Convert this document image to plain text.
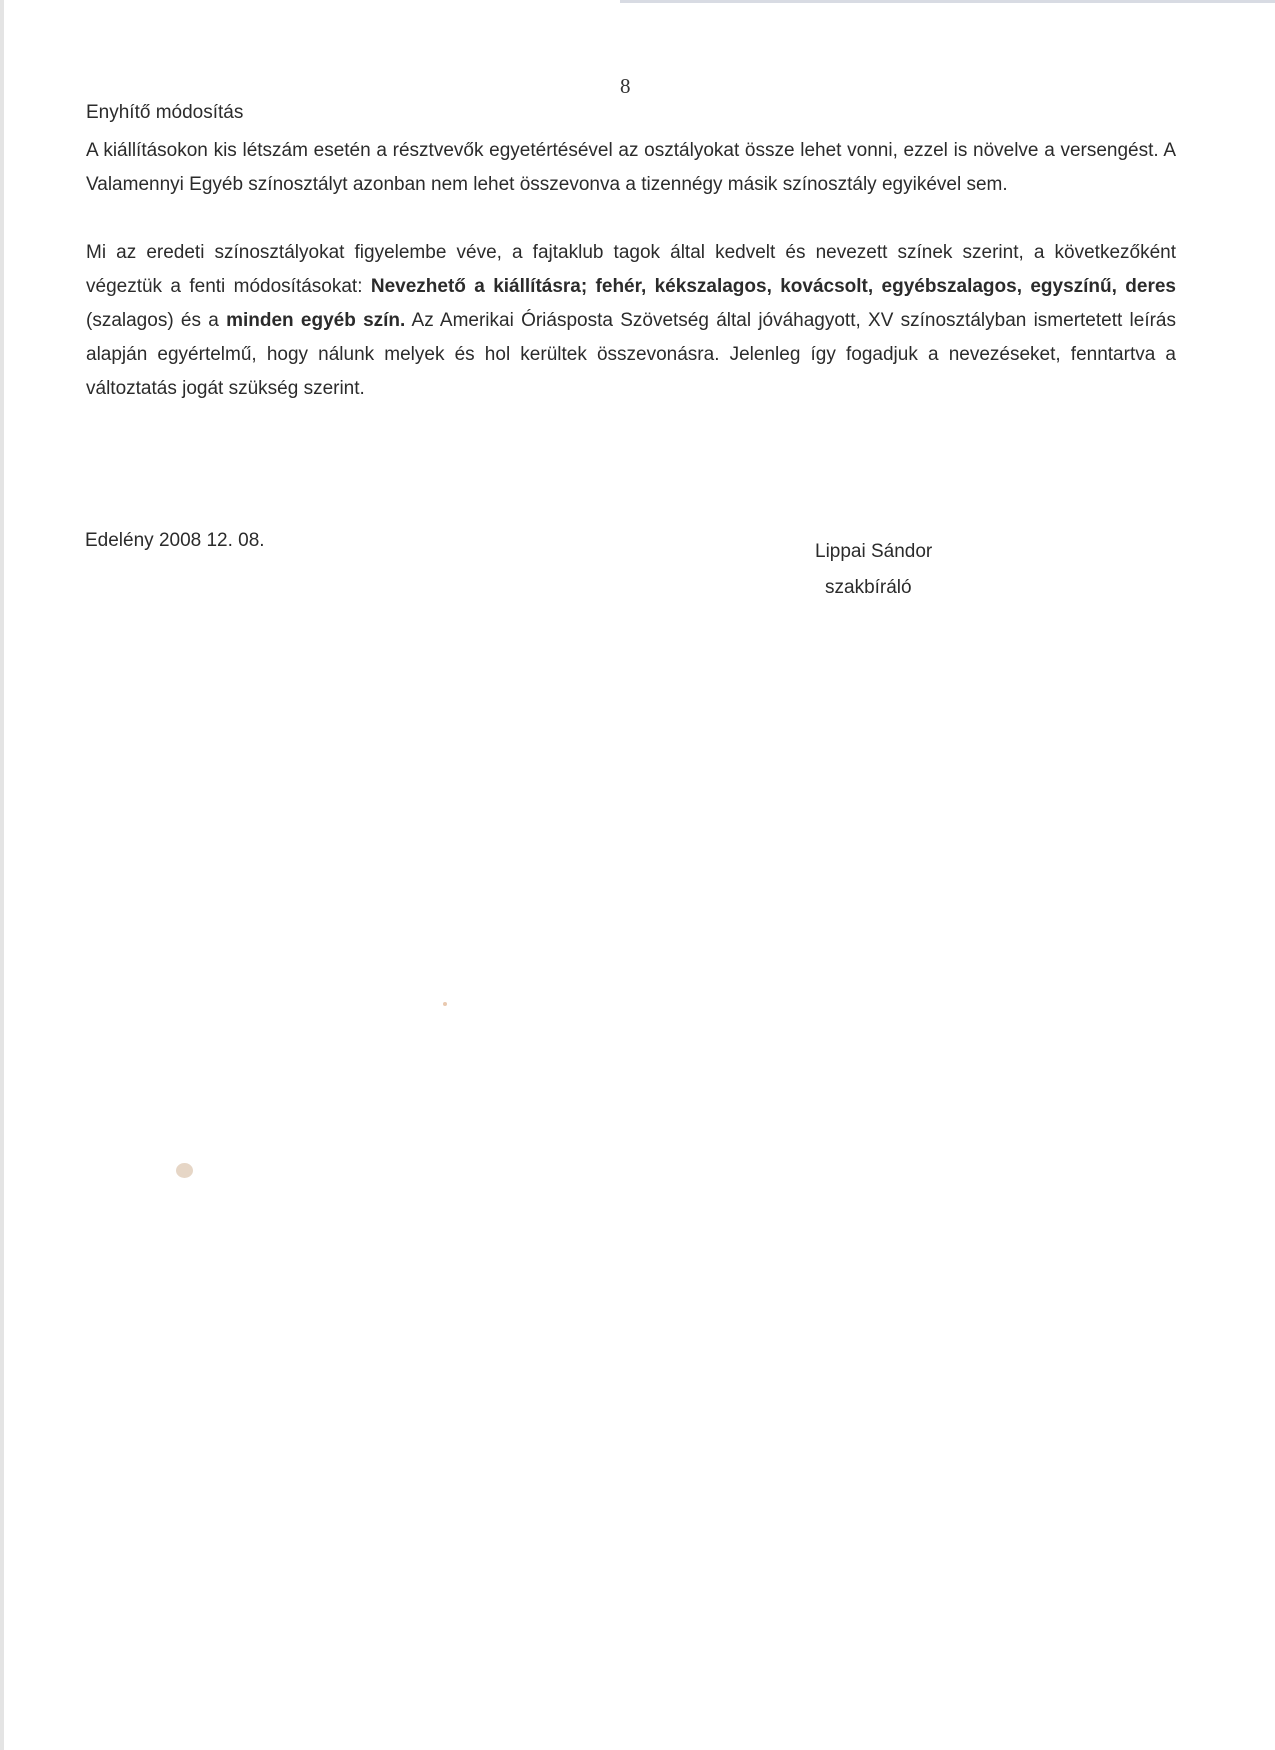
8
Enyhítő módosítás

A kiállításokon kis létszám esetén a résztvevők egyetértésével az osztályokat össze lehet vonni, ezzel is növelve a versengést. A Valamennyi Egyéb színosztályt azonban nem lehet összevonva a tizennégy másik színosztály egyikével sem.

Mi az eredeti színosztályokat figyelembe véve, a fajtaklub tagok által kedvelt és nevezett színek szerint, a következőként végeztük a fenti módosításokat: Nevezhető a kiállításra; fehér, kékszalagos, kovácsolt, egyébszalagos, egyszínű, deres (szalagos) és a minden egyéb szín. Az Amerikai Óriásposta Szövetség által jóváhagyott, XV színosztályban ismertetett leírás alapján egyértelmű, hogy nálunk melyek és hol kerültek összevonásra. Jelenleg így fogadjuk a nevezéseket, fenntartva a változtatás jogát szükség szerint.

Edelény 2008 12. 08.
Lippai Sándor
szakbíráló
